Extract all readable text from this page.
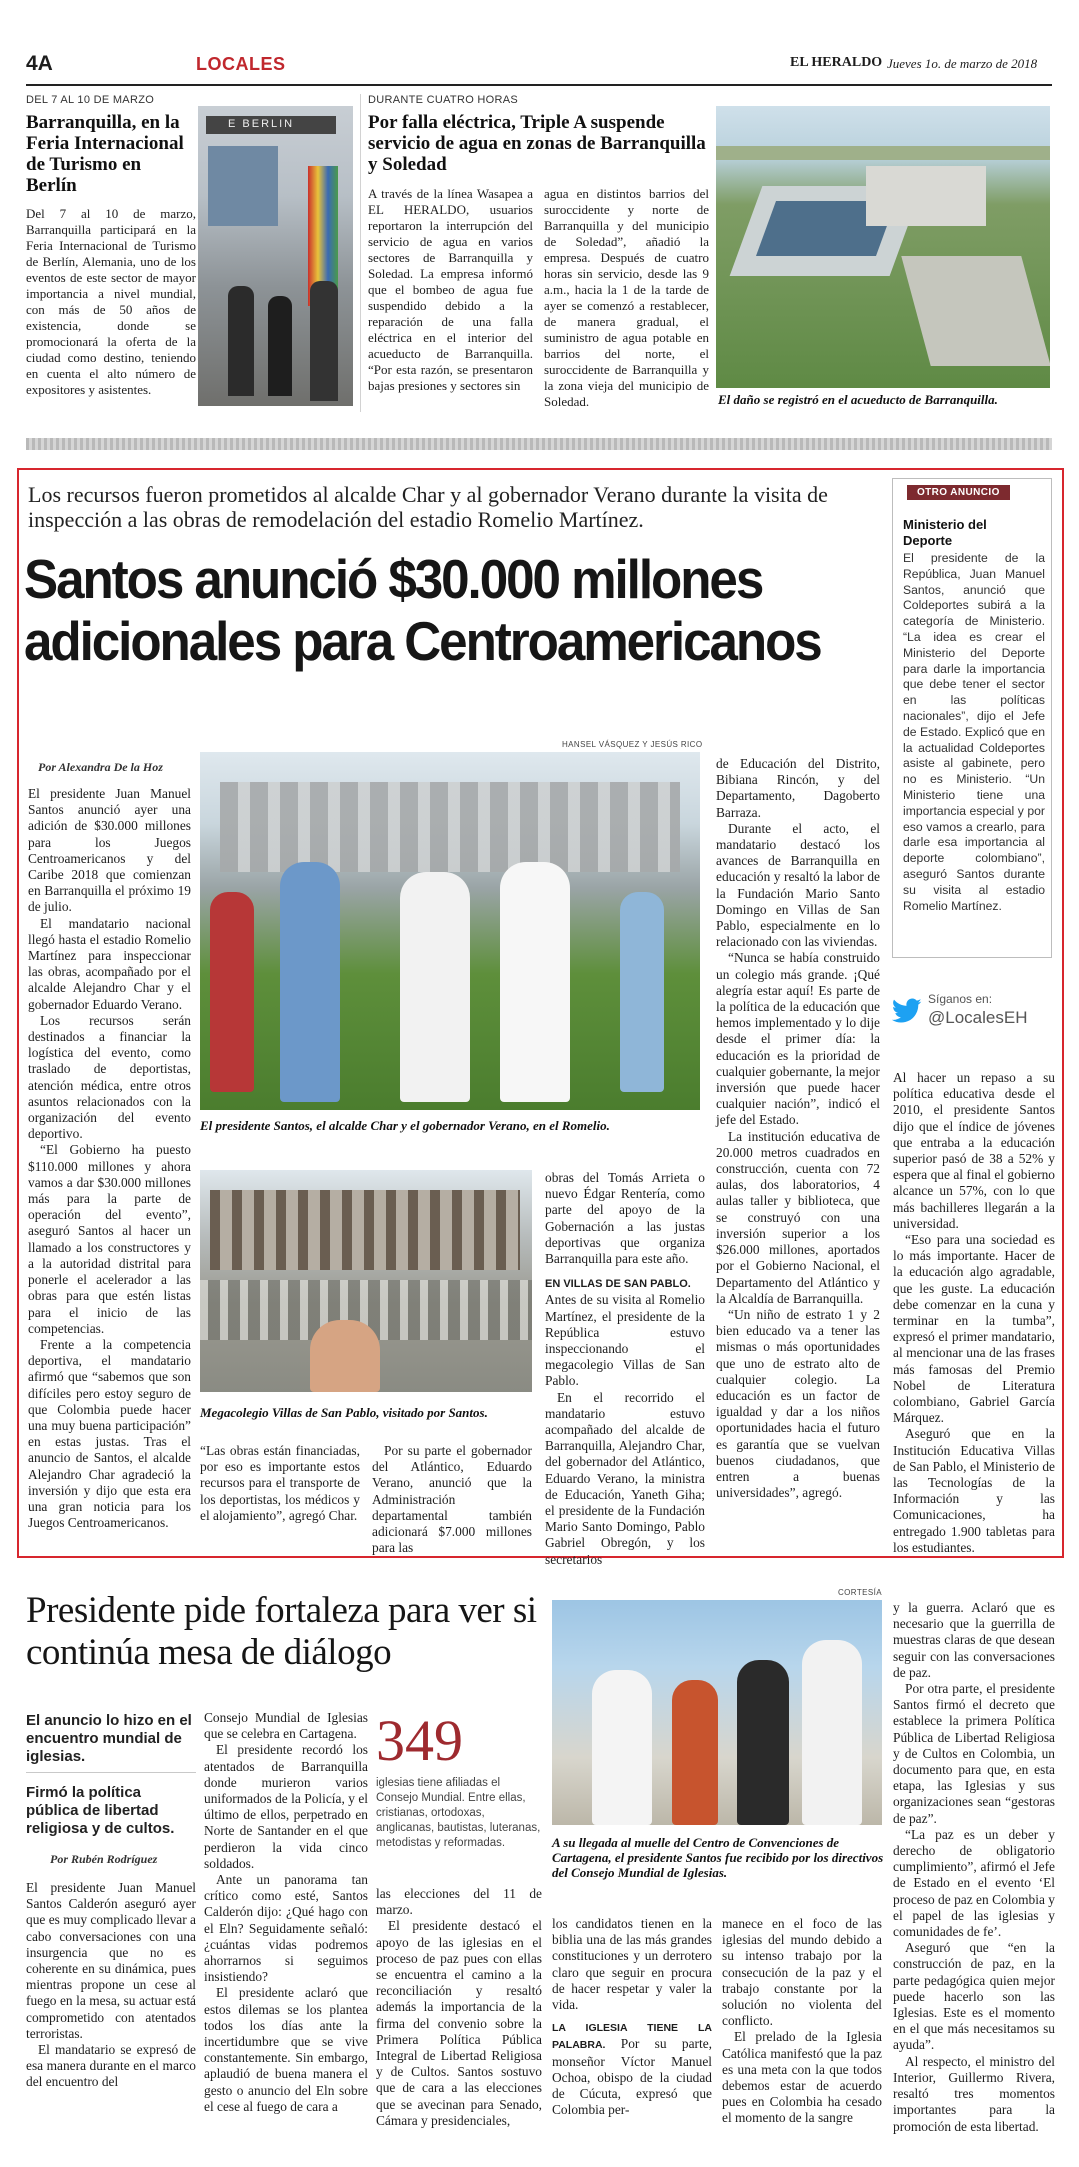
4A	LOCALES	EL HERALDO Jueves 1o. de marzo de 2018
DEL 7 AL 10 DE MARZO
Barranquilla, en la Feria Internacional de Turismo en Berlín
Del 7 al 10 de marzo, Barranquilla participará en la Feria Internacional de Turismo de Berlín, Alemania, uno de los eventos de este sector de mayor importancia a nivel mundial, con más de 50 años de existencia, donde se promocionará la oferta de la ciudad como destino, teniendo en cuenta el alto número de expositores y asistentes.
E BERLIN
DURANTE CUATRO HORAS
Por falla eléctrica, Triple A suspende servicio de agua en zonas de Barranquilla y Soledad
A través de la línea Wasapea a EL HERALDO, usuarios reportaron la interrupción del servicio de agua en varios sectores de Barranquilla y Soledad. La empresa informó que el bombeo de agua fue suspendido debido a la reparación de una falla eléctrica en el interior del acueducto de Barranquilla. “Por esta razón, se presentaron bajas presiones y sectores sin
agua en distintos barrios del suroccidente y norte de Barranquilla y del municipio de Soledad”, añadió la empresa. Después de cuatro horas sin servicio, desde las 9 a.m., hacia la 1 de la tarde de ayer se comenzó a restablecer, de manera gradual, el suministro de agua potable en barrios del norte, el suroccidente de Barranquilla y la zona vieja del municipio de Soledad.	El daño se registró en el acueducto de Barranquilla.
Los recursos fueron prometidos al alcalde Char y al gobernador Verano durante la visita de inspección a las obras de remodelación del estadio Romelio Martínez.
Santos anunció $30.000 millones adicionales para Centroamericanos
OTRO ANUNCIO
Ministerio del Deporte
El presidente de la República, Juan Manuel Santos, anunció que Coldeportes subirá a la categoría de Ministerio. “La idea es crear el Ministerio del Deporte para darle la importancia que debe tener el sector en las políticas nacionales”, dijo el Jefe de Estado. Explicó que en la actualidad Coldeportes asiste al gabinete, pero no es Ministerio. “Un Ministerio tiene una importancia especial y por eso vamos a crearlo, para darle esa importancia al deporte colombiano”, aseguró Santos durante su visita al estadio Romelio Martínez.
Síganos en:
@LocalesEH
Por Alexandra De la Hoz

El presidente Juan Manuel Santos anunció ayer una adición de $30.000 millones para los Juegos Centroamericanos y del Caribe 2018 que comienzan en Barranquilla el próximo 19 de julio.

El mandatario nacional llegó hasta el estadio Romelio Martínez para inspeccionar las obras, acompañado por el alcalde Alejandro Char y el gobernador Eduardo Verano.

Los recursos serán destinados a financiar la logística del evento, como traslado de deportistas, atención médica, entre otros asuntos relacionados con la organización del evento deportivo.

“El Gobierno ha puesto $110.000 millones y ahora vamos a dar $30.000 millones más para la parte de operación del evento”, aseguró Santos al hacer un llamado a los constructores y a la autoridad distrital para ponerle el acelerador a las obras para que estén listas para el inicio de las competencias.

Frente a la competencia deportiva, el mandatario afirmó que “sabemos que son difíciles pero estoy seguro de que Colombia puede hacer una muy buena participación” en estas justas. Tras el anuncio de Santos, el alcalde Alejandro Char agradeció la inversión y dijo que esta era una gran noticia para los Juegos Centroamericanos.

HANSEL VÁSQUEZ Y JESÚS RICO
El presidente Santos, el alcalde Char y el gobernador Verano, en el Romelio.
Megacolegio Villas de San Pablo, visitado por Santos.

“Las obras están financiadas, por eso es importante estos recursos para el transporte de los deportistas, los médicos y el alojamiento”, agregó Char.

Por su parte el gobernador del Atlántico, Eduardo Verano, anunció que la Administración departamental también adicionará $7.000 millones para las

obras del Tomás Arrieta o nuevo Édgar Rentería, como parte del apoyo de la Gobernación a las justas deportivas que organiza Barranquilla para este año.

EN VILLAS DE SAN PABLO.

Antes de su visita al Romelio Martínez, el presidente de la República estuvo inspeccionando el megacolegio Villas de San Pablo.

En el recorrido el mandatario estuvo acompañado del alcalde de Barranquilla, Alejandro Char, del gobernador del Atlántico, Eduardo Verano, la ministra de Educación, Yaneth Giha; el presidente de la Fundación Mario Santo Domingo, Pablo Gabriel Obregón, y los secretarios

de Educación del Distrito, Bibiana Rincón, y del Departamento, Dagoberto Barraza.

Durante el acto, el mandatario destacó los avances de Barranquilla en educación y resaltó la labor de la Fundación Mario Santo Domingo en Villas de San Pablo, especialmente en lo relacionado con las viviendas.

“Nunca se había construido un colegio más grande. ¡Qué alegría estar aquí! Es parte de la política de la educación que hemos implementado y lo dije desde el primer día: la educación es la prioridad de cualquier gobernante, la mejor inversión que puede hacer cualquier nación”, indicó el jefe del Estado.

La institución educativa de 20.000 metros cuadrados en construcción, cuenta con 72 aulas, dos laboratorios, 4 aulas taller y biblioteca, que se construyó con una inversión superior a los $26.000 millones, aportados por el Gobierno Nacional, el Departamento del Atlántico y la Alcaldía de Barranquilla.

“Un niño de estrato 1 y 2 bien educado va a tener las mismas o más oportunidades que uno de estrato alto de cualquier colegio. La educación es un factor de igualdad y dar a los niños oportunidades hacia el futuro es garantía que se vuelvan buenos ciudadanos, que entren a buenas universidades”, agregó.

Al hacer un repaso a su política educativa desde el 2010, el presidente Santos dijo que el índice de jóvenes que entraba a la educación superior pasó de 38 a 52% y espera que al final el gobierno alcance un 57%, con lo que más bachilleres llegarán a la universidad.

“Eso para una sociedad es lo más importante. Hacer de la educación algo agradable, que les guste. La educación debe comenzar en la cuna y terminar en la tumba”, expresó el primer mandatario, al mencionar una de las frases más famosas del Premio Nobel de Literatura colombiano, Gabriel García Márquez.

Aseguró que en la Institución Educativa Villas de San Pablo, el Ministerio de las Tecnologías de la Información y las Comunicaciones, ha entregado 1.900 tabletas para los estudiantes.

Presidente pide fortaleza para ver si continúa mesa de diálogo
El anuncio lo hizo en el encuentro mundial de iglesias.
Firmó la política pública de libertad religiosa y de cultos.
Por Rubén Rodríguez

El presidente Juan Manuel Santos Calderón aseguró ayer que es muy complicado llevar a cabo conversaciones con una insurgencia que no es coherente en su dinámica, pues mientras propone un cese al fuego en la mesa, su actuar está comprometido con atentados terroristas.

El mandatario se expresó de esa manera durante en el marco del encuentro del

Consejo Mundial de Iglesias que se celebra en Cartagena.

El presidente recordó los atentados de Barranquilla donde murieron varios uniformados de la Policía, y el último de ellos, perpetrado en Norte de Santander en el que perdieron la vida cinco soldados.

Ante un panorama tan crítico como esté, Santos Calderón dijo: ¿Qué hago con el Eln? Seguidamente señaló: ¿cuántas vidas podremos ahorrarnos si seguimos insistiendo?

El presidente aclaró que estos dilemas se los plantea todos los días ante la incertidumbre que se vive constantemente. Sin embargo, aplaudió de buena manera el gesto o anuncio del Eln sobre el cese al fuego de cara a

349
iglesias tiene afiliadas el Consejo Mundial. Entre ellas, cristianas, ortodoxas, anglicanas, bautistas, luteranas, metodistas y reformadas.

las elecciones del 11 de marzo.

El presidente destacó el apoyo de las iglesias en el proceso de paz pues con ellas se encuentra el camino a la reconciliación y resaltó además la importancia de la firma del convenio sobre la Primera Política Pública Integral de Libertad Religiosa y de Cultos. Santos sostuvo que de cara a las elecciones que se avecinan para Senado, Cámara y presidenciales,

CORTESÍA
A su llegada al muelle del Centro de Convenciones de Cartagena, el presidente Santos fue recibido por los directivos del Consejo Mundial de Iglesias.

los candidatos tienen en la biblia una de las más grandes constituciones y un derrotero claro que seguir en procura de hacer respetar y valer la vida.

LA IGLESIA TIENE LA PALABRA. Por su parte, monseñor Víctor Manuel Ochoa, obispo de la ciudad de Cúcuta, expresó que Colombia per-

manece en el foco de las iglesias del mundo debido a su intenso trabajo por la consecución de la paz y el trabajo constante por la solución no violenta del conflicto.

El prelado de la Iglesia Católica manifestó que la paz es una meta con la que todos debemos estar de acuerdo pues en Colombia ha cesado el momento de la sangre

y la guerra. Aclaró que es necesario que la guerrilla de muestras claras de que desean seguir con las conversaciones de paz.

Por otra parte, el presidente Santos firmó el decreto que establece la primera Política Pública de Libertad Religiosa y de Cultos en Colombia, un documento para que, en esta etapa, las Iglesias y sus organizaciones sean “gestoras de paz”.

“La paz es un deber y derecho de obligatorio cumplimiento”, afirmó el Jefe de Estado en el evento ‘El proceso de paz en Colombia y el papel de las iglesias y comunidades de fe’.

Aseguró que “en la construcción de paz, en la parte pedagógica quien mejor puede hacerlo son las Iglesias. Este es el momento en el que más necesitamos su ayuda”.

Al respecto, el ministro del Interior, Guillermo Rivera, resaltó tres momentos importantes para la promoción de esta libertad.
